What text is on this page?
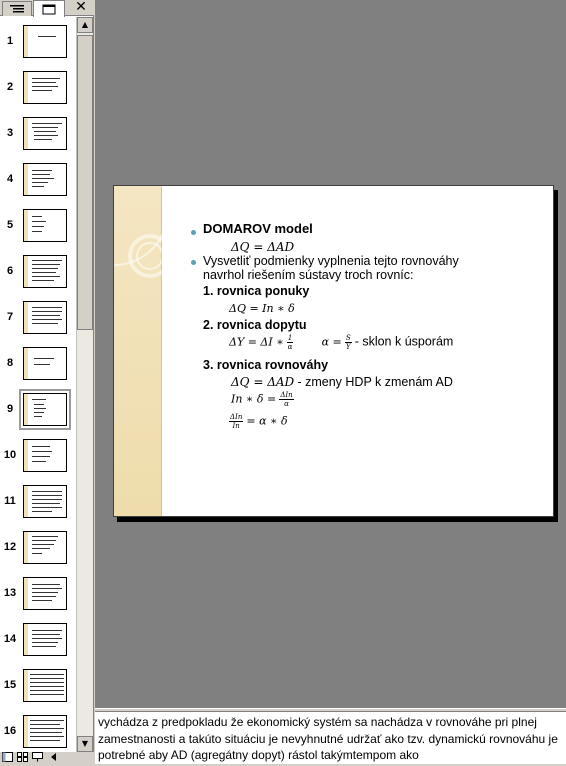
✕
1
2
3
4
5
6
7
8
9
10
11
12
13
14
15
16
▲
▼
DOMAROV model
ΔQ = ΔAD
Vysvetliť podmienky vyplnenia tejto rovnováhy
navrhol riešením sústavy troch rovníc:
1. rovnica ponuky
ΔQ = In ∗ δ
2. rovnica dopytu
ΔY = ΔI ∗ $\frac{1}{\alpha}$	$\alpha = \frac{S}{Y}$ - sklon k úsporám
3. rovnica rovnováhy
ΔQ = ΔAD - zmeny HDP k zmenám AD
In ∗ $\delta = \frac{\text{ΔIn}}{\alpha}$
$\frac{\text{ΔIn}}{In} = \alpha$ ∗ δ
vychádza z predpokladu že ekonomický systém sa nachádza v rovnováhe pri plnej zamestnanosti a takúto situáciu je nevyhnutné udržať ako tzv. dynamickú rovnováhu je potrebné aby AD (agregátny dopyt) rástol takýmtempom ako
